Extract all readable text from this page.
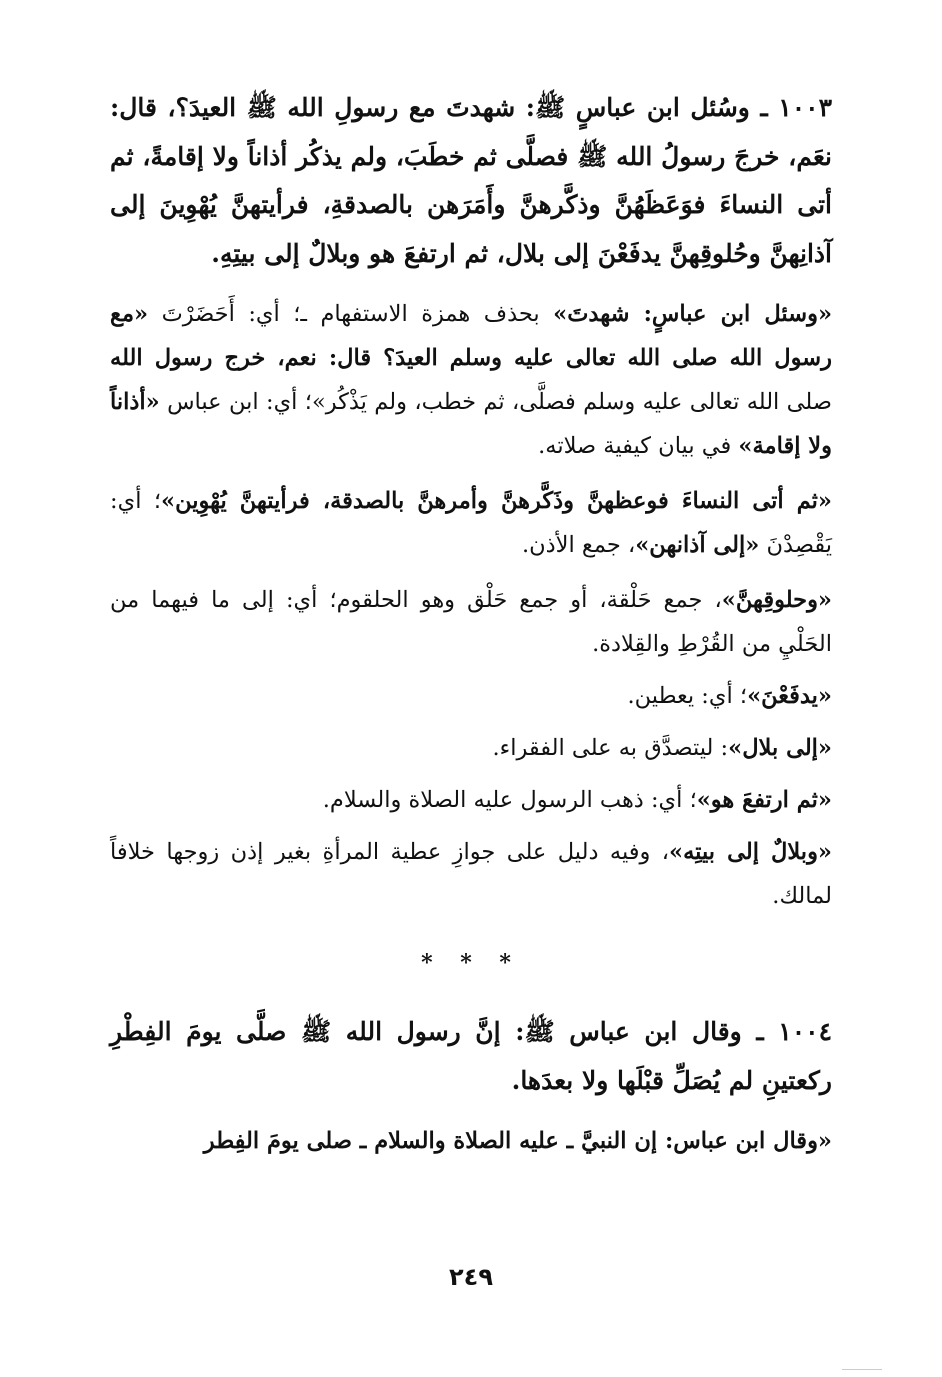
١٠٠٣ ـ وسُئل ابن عباسٍ ﷺ: شهدتَ مع رسولِ الله ﷺ العيدَ؟، قال: نعَم، خرجَ رسولُ الله ﷺ فصلَّى ثم خطَبَ، ولم يذكُر أذاناً ولا إقامةً، ثم أتى النساءَ فوَعَظَهُنَّ وذكَّرهنَّ وأَمَرَهن بالصدقةِ، فرأيتهنَّ يُهْوِينَ إلى آذانِهنَّ وحُلوقِهنَّ يدفَعْنَ إلى بلال، ثم ارتفعَ هو وبلالٌ إلى بيتِهِ.

«وسئل ابن عباسٍ: شهدتَ» بحذف همزة الاستفهام ـ؛ أي: أَحَضَرْتَ «مع رسول الله صلى الله تعالى عليه وسلم العيدَ؟ قال: نعم، خرج رسول الله صلى الله تعالى عليه وسلم فصلَّى، ثم خطب، ولم يَذْكُر»؛ أي: ابن عباس «أذاناً ولا إقامة» في بيان كيفية صلاته.

«ثم أتى النساءَ فوعظهنَّ وذَكَّرهنَّ وأمرهنَّ بالصدقة، فرأيتهنَّ يُهْوِين»؛ أي: يَقْصِدْنَ «إلى آذانهن»، جمع الأذن.

«وحلوقِهنَّ»، جمع حَلْقة، أو جمع حَلْق وهو الحلقوم؛ أي: إلى ما فيهما من الحَلْيِ من القُرْطِ والقِلادة.

«يدفَعْنَ»؛ أي: يعطين.

«إلى بلال»: ليتصدَّق به على الفقراء.

«ثم ارتفعَ هو»؛ أي: ذهب الرسول عليه الصلاة والسلام.

«وبلالٌ إلى بيتِه»، وفيه دليل على جوازِ عطية المرأةِ بغير إذن زوجها خلافاً لمالك.

* * *

١٠٠٤ ـ وقال ابن عباس ﷺ: إنَّ رسول الله ﷺ صلَّى يومَ الفِطْرِ ركعتينِ لم يُصَلِّ قبْلَها ولا بعدَها.

«وقال ابن عباس: إن النبيَّ ـ عليه الصلاة والسلام ـ صلى يومَ الفِطر

٢٤٩
